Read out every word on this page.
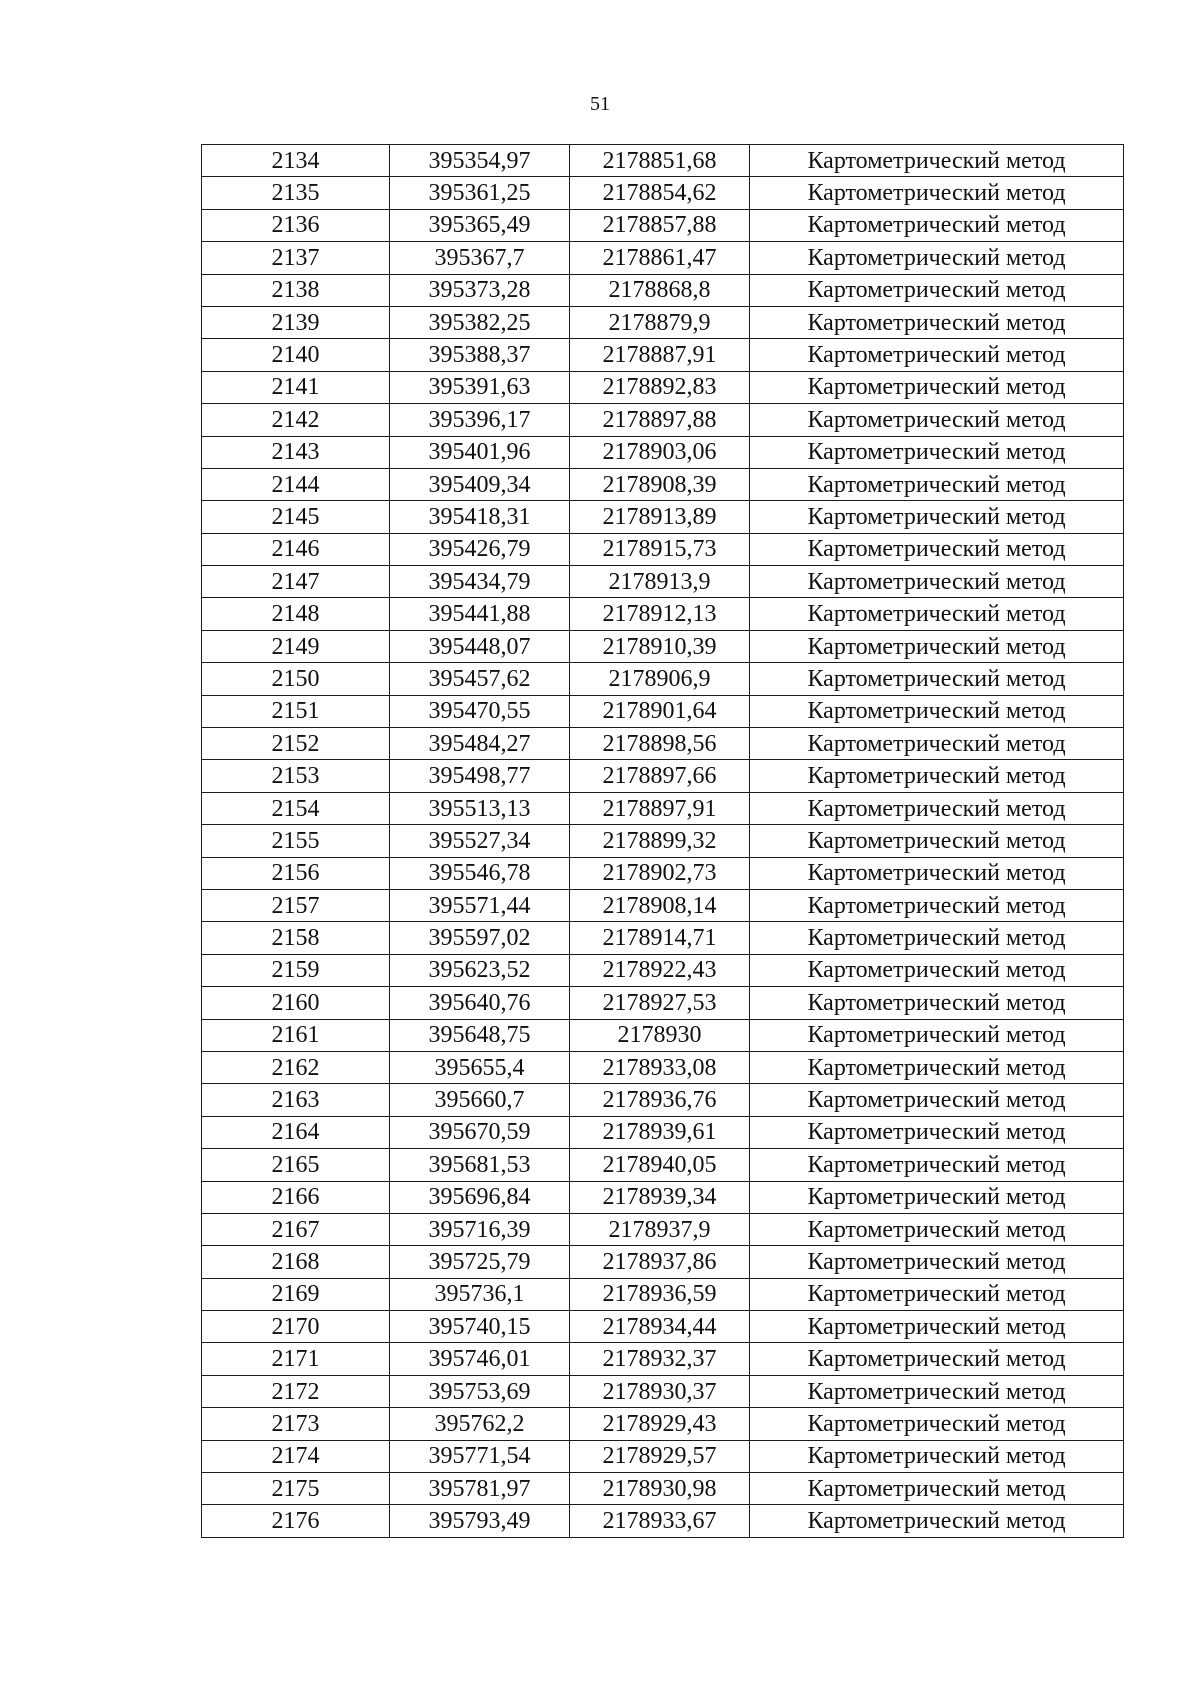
51
2134	395354,97	2178851,68	Картометрический метод
2135	395361,25	2178854,62	Картометрический метод
2136	395365,49	2178857,88	Картометрический метод
2137	395367,7	2178861,47	Картометрический метод
2138	395373,28	2178868,8	Картометрический метод
2139	395382,25	2178879,9	Картометрический метод
2140	395388,37	2178887,91	Картометрический метод
2141	395391,63	2178892,83	Картометрический метод
2142	395396,17	2178897,88	Картометрический метод
2143	395401,96	2178903,06	Картометрический метод
2144	395409,34	2178908,39	Картометрический метод
2145	395418,31	2178913,89	Картометрический метод
2146	395426,79	2178915,73	Картометрический метод
2147	395434,79	2178913,9	Картометрический метод
2148	395441,88	2178912,13	Картометрический метод
2149	395448,07	2178910,39	Картометрический метод
2150	395457,62	2178906,9	Картометрический метод
2151	395470,55	2178901,64	Картометрический метод
2152	395484,27	2178898,56	Картометрический метод
2153	395498,77	2178897,66	Картометрический метод
2154	395513,13	2178897,91	Картометрический метод
2155	395527,34	2178899,32	Картометрический метод
2156	395546,78	2178902,73	Картометрический метод
2157	395571,44	2178908,14	Картометрический метод
2158	395597,02	2178914,71	Картометрический метод
2159	395623,52	2178922,43	Картометрический метод
2160	395640,76	2178927,53	Картометрический метод
2161	395648,75	2178930	Картометрический метод
2162	395655,4	2178933,08	Картометрический метод
2163	395660,7	2178936,76	Картометрический метод
2164	395670,59	2178939,61	Картометрический метод
2165	395681,53	2178940,05	Картометрический метод
2166	395696,84	2178939,34	Картометрический метод
2167	395716,39	2178937,9	Картометрический метод
2168	395725,79	2178937,86	Картометрический метод
2169	395736,1	2178936,59	Картометрический метод
2170	395740,15	2178934,44	Картометрический метод
2171	395746,01	2178932,37	Картометрический метод
2172	395753,69	2178930,37	Картометрический метод
2173	395762,2	2178929,43	Картометрический метод
2174	395771,54	2178929,57	Картометрический метод
2175	395781,97	2178930,98	Картометрический метод
2176	395793,49	2178933,67	Картометрический метод
